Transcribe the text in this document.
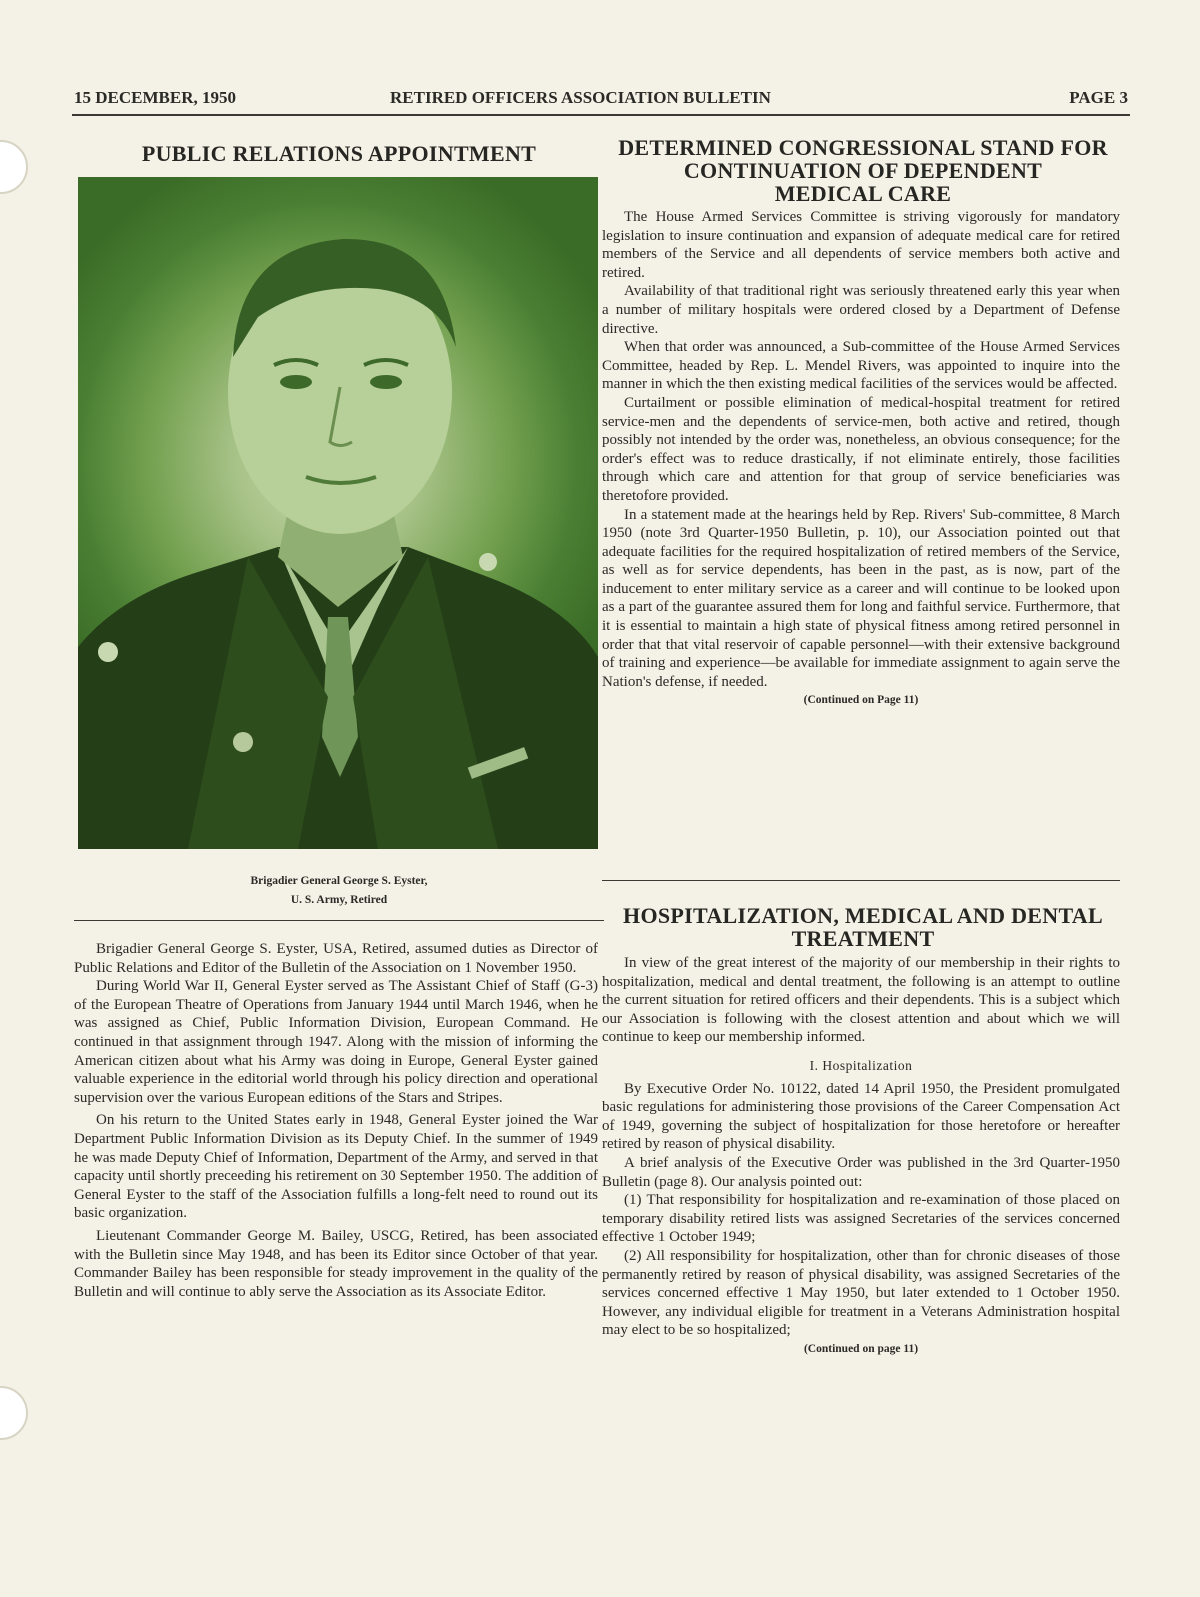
15 DECEMBER, 1950	RETIRED OFFICERS ASSOCIATION BULLETIN	PAGE 3
PUBLIC RELATIONS APPOINTMENT
Brigadier General George S. Eyster,
U. S. Army, Retired

Brigadier General George S. Eyster, USA, Retired, assumed duties as Director of Public Relations and Editor of the Bulletin of the Association on 1 November 1950.

During World War II, General Eyster served as The Assistant Chief of Staff (G-3) of the European Theatre of Operations from January 1944 until March 1946, when he was assigned as Chief, Public Information Division, European Command. He continued in that assignment through 1947. Along with the mission of informing the American citizen about what his Army was doing in Europe, General Eyster gained valuable experience in the editorial world through his policy direction and operational supervision over the various European editions of the Stars and Stripes.

On his return to the United States early in 1948, General Eyster joined the War Department Public Information Division as its Deputy Chief. In the summer of 1949 he was made Deputy Chief of Information, Department of the Army, and served in that capacity until shortly preceeding his retirement on 30 September 1950. The addition of General Eyster to the staff of the Association fulfills a long-felt need to round out its basic organization.

Lieutenant Commander George M. Bailey, USCG, Retired, has been associated with the Bulletin since May 1948, and has been its Editor since October of that year. Commander Bailey has been responsible for steady improvement in the quality of the Bulletin and will continue to ably serve the Association as its Associate Editor.

DETERMINED CONGRESSIONAL STAND FOR
CONTINUATION OF DEPENDENT
MEDICAL CARE

The House Armed Services Committee is striving vigorously for mandatory legislation to insure continuation and expansion of adequate medical care for retired members of the Service and all dependents of service members both active and retired.

Availability of that traditional right was seriously threatened early this year when a number of military hospitals were ordered closed by a Department of Defense directive.

When that order was announced, a Sub-committee of the House Armed Services Committee, headed by Rep. L. Mendel Rivers, was appointed to inquire into the manner in which the then existing medical facilities of the services would be affected.

Curtailment or possible elimination of medical-hospital treatment for retired service-men and the dependents of service-men, both active and retired, though possibly not intended by the order was, nonetheless, an obvious consequence; for the order's effect was to reduce drastically, if not eliminate entirely, those facilities through which care and attention for that group of service beneficiaries was theretofore provided.

In a statement made at the hearings held by Rep. Rivers' Sub-committee, 8 March 1950 (note 3rd Quarter-1950 Bulletin, p. 10), our Association pointed out that adequate facilities for the required hospitalization of retired members of the Service, as well as for service dependents, has been in the past, as is now, part of the inducement to enter military service as a career and will continue to be looked upon as a part of the guarantee assured them for long and faithful service. Furthermore, that it is essential to maintain a high state of physical fitness among retired personnel in order that that vital reservoir of capable personnel—with their extensive background of training and experience—be available for immediate assignment to again serve the Nation's defense, if needed.

(Continued on Page 11)
HOSPITALIZATION, MEDICAL AND DENTAL
TREATMENT

In view of the great interest of the majority of our membership in their rights to hospitalization, medical and dental treatment, the following is an attempt to outline the current situation for retired officers and their dependents. This is a subject which our Association is following with the closest attention and about which we will continue to keep our membership informed.

I. Hospitalization

By Executive Order No. 10122, dated 14 April 1950, the President promulgated basic regulations for administering those provisions of the Career Compensation Act of 1949, governing the subject of hospitalization for those heretofore or hereafter retired by reason of physical disability.

A brief analysis of the Executive Order was published in the 3rd Quarter-1950 Bulletin (page 8). Our analysis pointed out:

(1) That responsibility for hospitalization and re-examination of those placed on temporary disability retired lists was assigned Secretaries of the services concerned effective 1 October 1949;

(2) All responsibility for hospitalization, other than for chronic diseases of those permanently retired by reason of physical disability, was assigned Secretaries of the services concerned effective 1 May 1950, but later extended to 1 October 1950. However, any individual eligible for treatment in a Veterans Administration hospital may elect to be so hospitalized;

(Continued on page 11)
